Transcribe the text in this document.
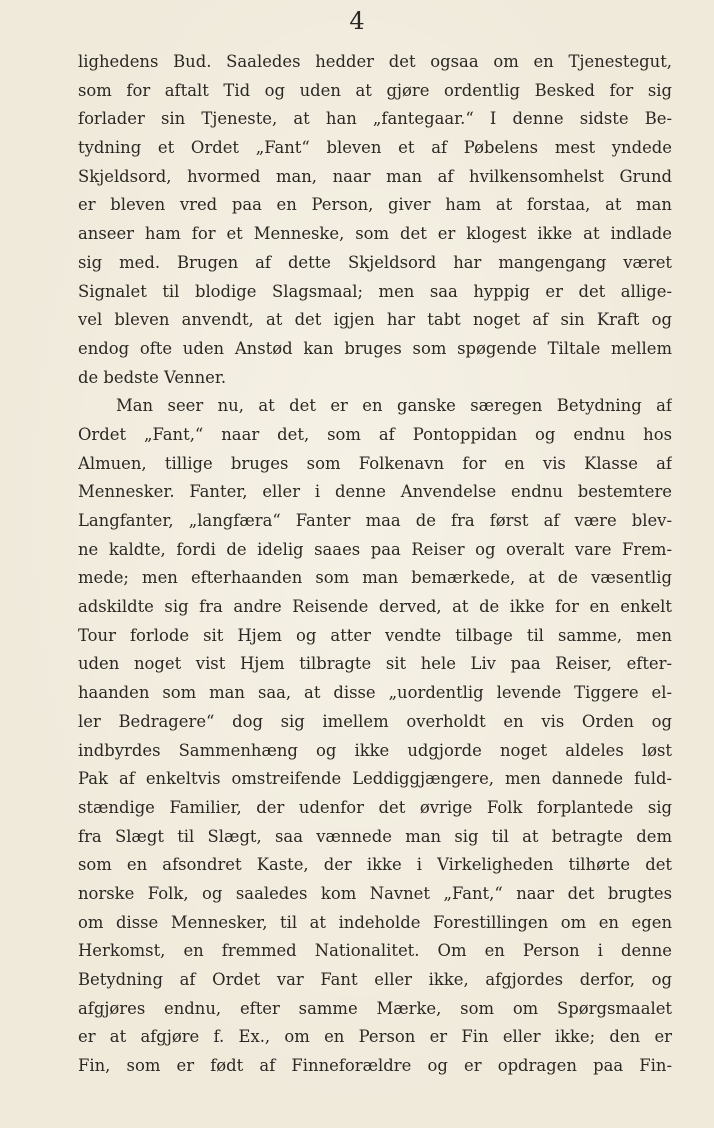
4
lighedens Bud. Saaledes hedder det ogsaa om en Tjenestegut,
som for aftalt Tid og uden at gjøre ordentlig Besked for sig
forlader sin Tjeneste, at han „fantegaar.“ I denne sidste Be-
tydning et Ordet „Fant“ bleven et af Pøbelens mest yndede
Skjeldsord, hvormed man, naar man af hvilkensomhelst Grund
er bleven vred paa en Person, giver ham at forstaa, at man
anseer ham for et Menneske, som det er klogest ikke at indlade
sig med. Brugen af dette Skjeldsord har mangengang været
Signalet til blodige Slagsmaal; men saa hyppig er det allige-
vel bleven anvendt, at det igjen har tabt noget af sin Kraft og
endog ofte uden Anstød kan bruges som spøgende Tiltale mellem
de bedste Venner.
Man seer nu, at det er en ganske særegen Betydning af
Ordet „Fant,“ naar det, som af Pontoppidan og endnu hos
Almuen, tillige bruges som Folkenavn for en vis Klasse af
Mennesker. Fanter, eller i denne Anvendelse endnu bestemtere
Langfanter, „langfæra“ Fanter maa de fra først af være blev-
ne kaldte, fordi de idelig saaes paa Reiser og overalt vare Frem-
mede; men efterhaanden som man bemærkede, at de væsentlig
adskildte sig fra andre Reisende derved, at de ikke for en enkelt
Tour forlode sit Hjem og atter vendte tilbage til samme, men
uden noget vist Hjem tilbragte sit hele Liv paa Reiser, efter-
haanden som man saa, at disse „uordentlig levende Tiggere el-
ler Bedragere“ dog sig imellem overholdt en vis Orden og
indbyrdes Sammenhæng og ikke udgjorde noget aldeles løst
Pak af enkeltvis omstreifende Leddiggjængere, men dannede fuld-
stændige Familier, der udenfor det øvrige Folk forplantede sig
fra Slægt til Slægt, saa vænnede man sig til at betragte dem
som en afsondret Kaste, der ikke i Virkeligheden tilhørte det
norske Folk, og saaledes kom Navnet „Fant,“ naar det brugtes
om disse Mennesker, til at indeholde Forestillingen om en egen
Herkomst, en fremmed Nationalitet. Om en Person i denne
Betydning af Ordet var Fant eller ikke, afgjordes derfor, og
afgjøres endnu, efter samme Mærke, som om Spørgsmaalet
er at afgjøre f. Ex., om en Person er Fin eller ikke; den er
Fin, som er født af Finneforældre og er opdragen paa Fin-
